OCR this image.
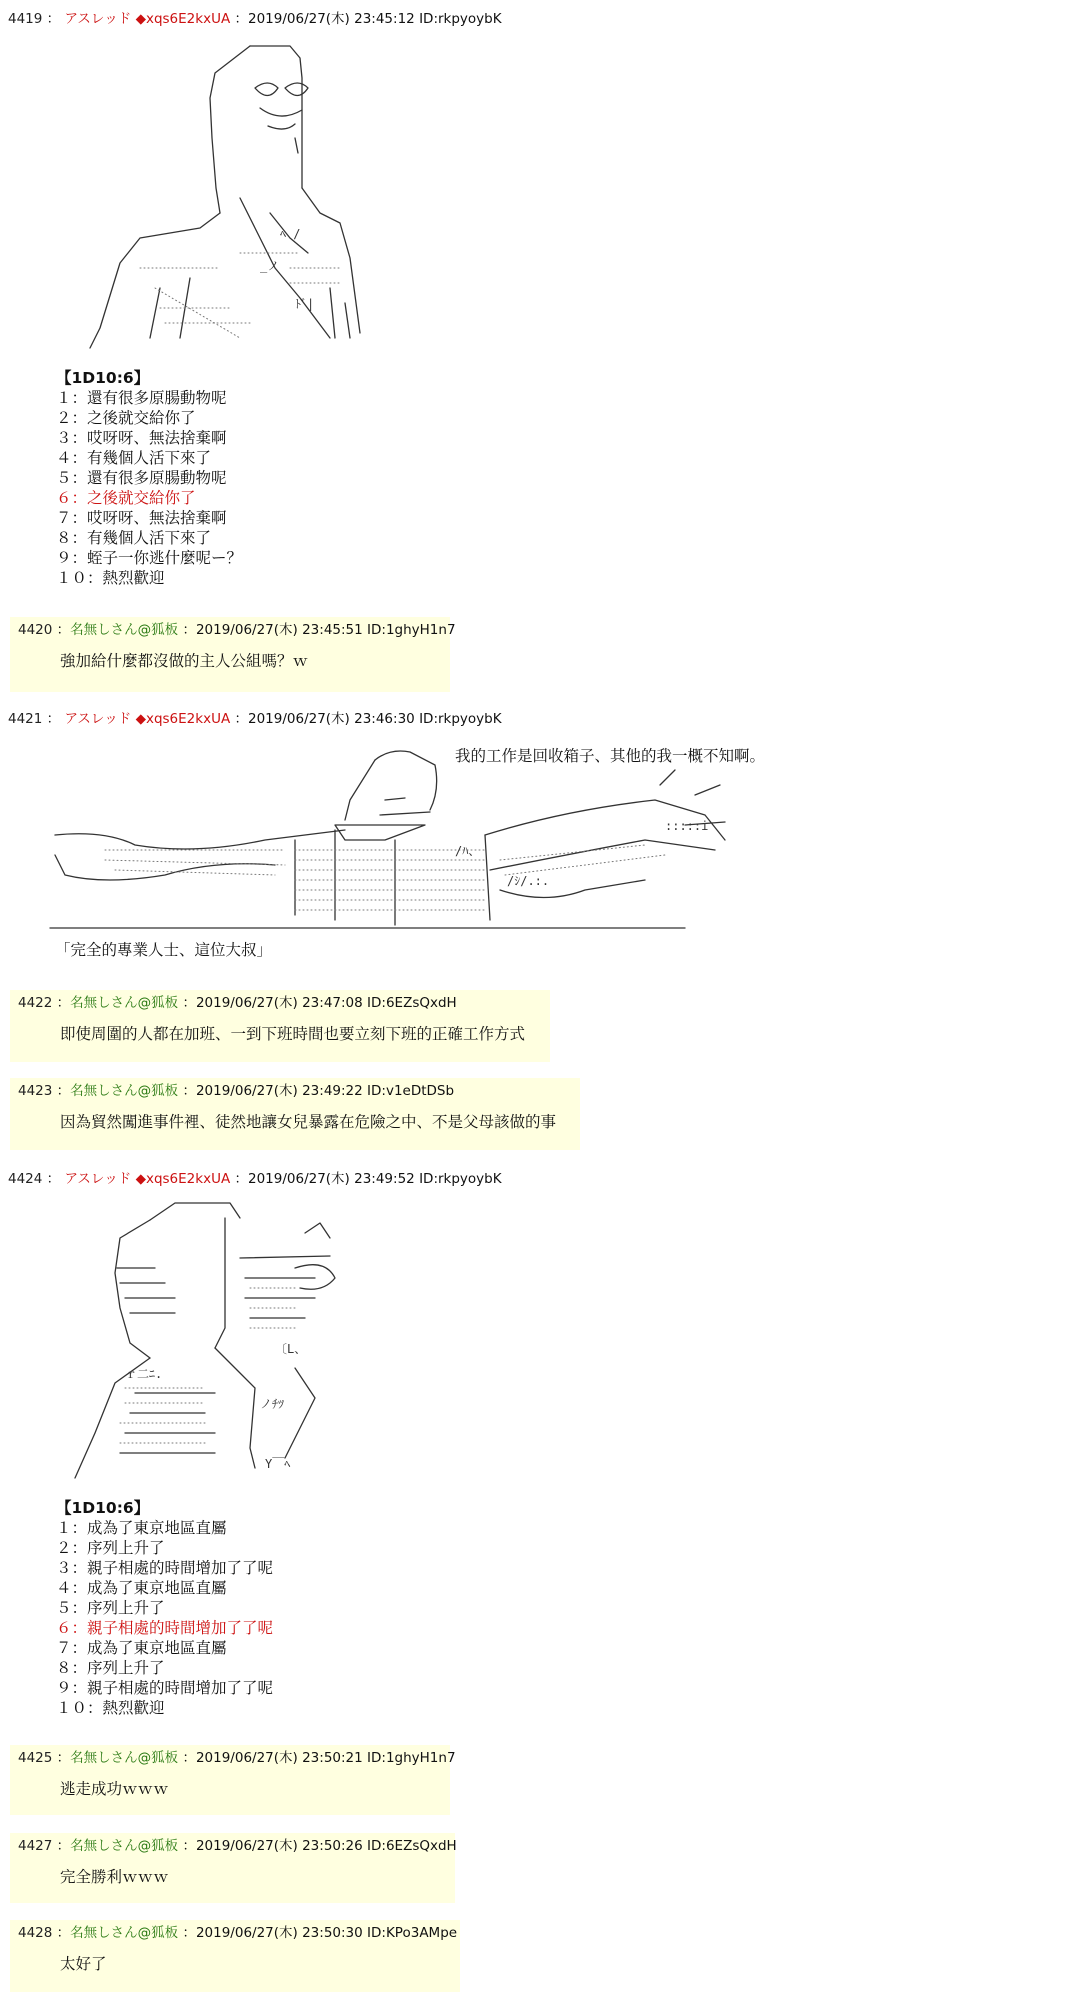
4419 ： アスレッド ◆xqs6E2kxUA ：2019/06/27(木) 23:45:12 ID:rkpyoybK
ﾍ /
_ノ
ﾄﾞ|
【1D10:6】
１：還有很多原腸動物呢
２：之後就交給你了
３：哎呀呀、無法捨棄啊
４：有幾個人活下來了
５：還有很多原腸動物呢
６：之後就交給你了
７：哎呀呀、無法捨棄啊
８：有幾個人活下來了
９：蛭子一你逃什麼呢ー？
１０：熱烈歡迎
4420 ：名無しさん@狐板 ：2019/06/27(木) 23:45:51 ID:1ghyH1n7
強加給什麼都沒做的主人公組嗎？ｗ
4421 ： アスレッド ◆xqs6E2kxUA ：2019/06/27(木) 23:46:30 ID:rkpyoybK
我的工作是回收箱子、其他的我一概不知啊。
/ﾊ、
/ｼ/.:.
:::::i
「完全的專業人士、這位大叔」
4422 ：名無しさん@狐板 ：2019/06/27(木) 23:47:08 ID:6EZsQxdH
即使周圍的人都在加班、一到下班時間也要立刻下班的正確工作方式
4423 ：名無しさん@狐板 ：2019/06/27(木) 23:49:22 ID:v1eDtDSb
因為貿然闖進事件裡、徒然地讓女兒暴露在危險之中、不是父母該做的事
4424 ： アスレッド ◆xqs6E2kxUA ：2019/06/27(木) 23:49:52 ID:rkpyoybK
ｒ二ﾆ.
〔L、
ノﾁﾂ
Y￣ﾍ
【1D10:6】
１：成為了東京地區直屬
２：序列上升了
３：親子相處的時間增加了了呢
４：成為了東京地區直屬
５：序列上升了
６：親子相處的時間增加了了呢
７：成為了東京地區直屬
８：序列上升了
９：親子相處的時間增加了了呢
１０：熱烈歡迎
4425 ：名無しさん@狐板 ：2019/06/27(木) 23:50:21 ID:1ghyH1n7
逃走成功ｗｗｗ
4427 ：名無しさん@狐板 ：2019/06/27(木) 23:50:26 ID:6EZsQxdH
完全勝利ｗｗｗ
4428 ：名無しさん@狐板 ：2019/06/27(木) 23:50:30 ID:KPo3AMpe
太好了
